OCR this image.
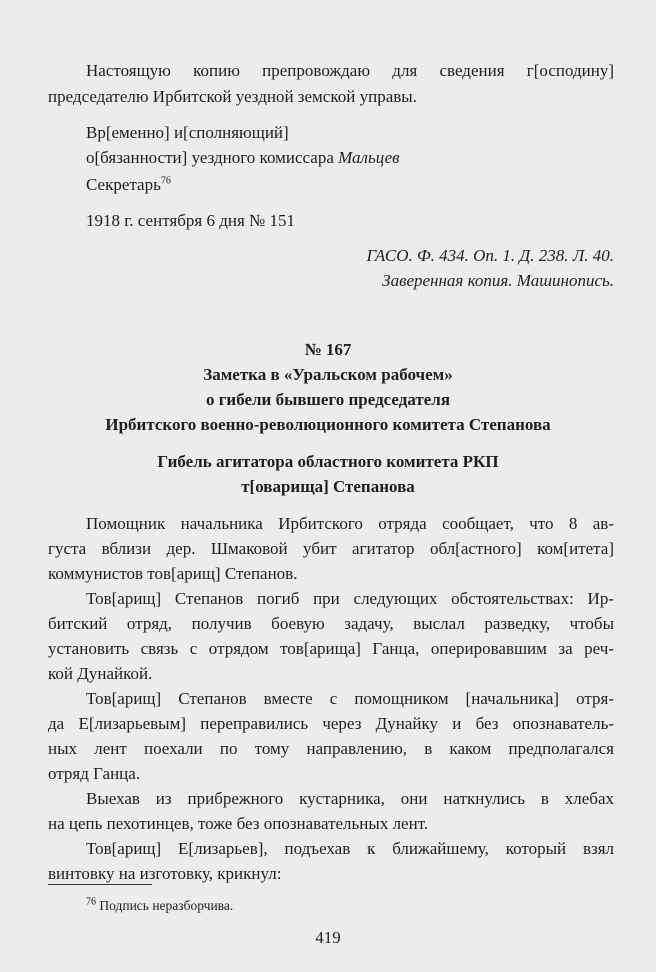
Настоящую копию препровождаю для сведения г[осподину]

председателю Ирбитской уездной земской управы.

Вр[еменно] и[сполняющий]

о[бязанности] уездного комиссара Мальцев

Секретарь$^{76}$

1918 г. сентября 6 дня № 151

ГАСО. Ф. 434. Оп. 1. Д. 238. Л. 40.

Заверенная копия. Машинопись.

№ 167

Заметка в «Уральском рабочем»

о гибели бывшего председателя

Ирбитского военно-революционного комитета Степанова

Гибель агитатора областного комитета РКП

т[оварища] Степанова

Помощник начальника Ирбитского отряда сообщает, что 8 ав-

густа вблизи дер. Шмаковой убит агитатор обл[астного] ком[итета]

коммунистов тов[арищ] Степанов.

Тов[арищ] Степанов погиб при следующих обстоятельствах: Ир-

битский отряд, получив боевую задачу, выслал разведку, чтобы

установить связь с отрядом тов[арища] Ганца, оперировавшим за реч-

кой Дунайкой.

Тов[арищ] Степанов вместе с помощником [начальника] отря-

да Е[лизарьевым] переправились через Дунайку и без опознаватель-

ных лент поехали по тому направлению, в каком предполагался

отряд Ганца.

Выехав из прибрежного кустарника, они наткнулись в хлебах

на цепь пехотинцев, тоже без опознавательных лент.

Тов[арищ] Е[лизарьев], подъехав к ближайшему, который взял

винтовку на изготовку, крикнул:

$^{76}$ Подпись неразборчива.

419
